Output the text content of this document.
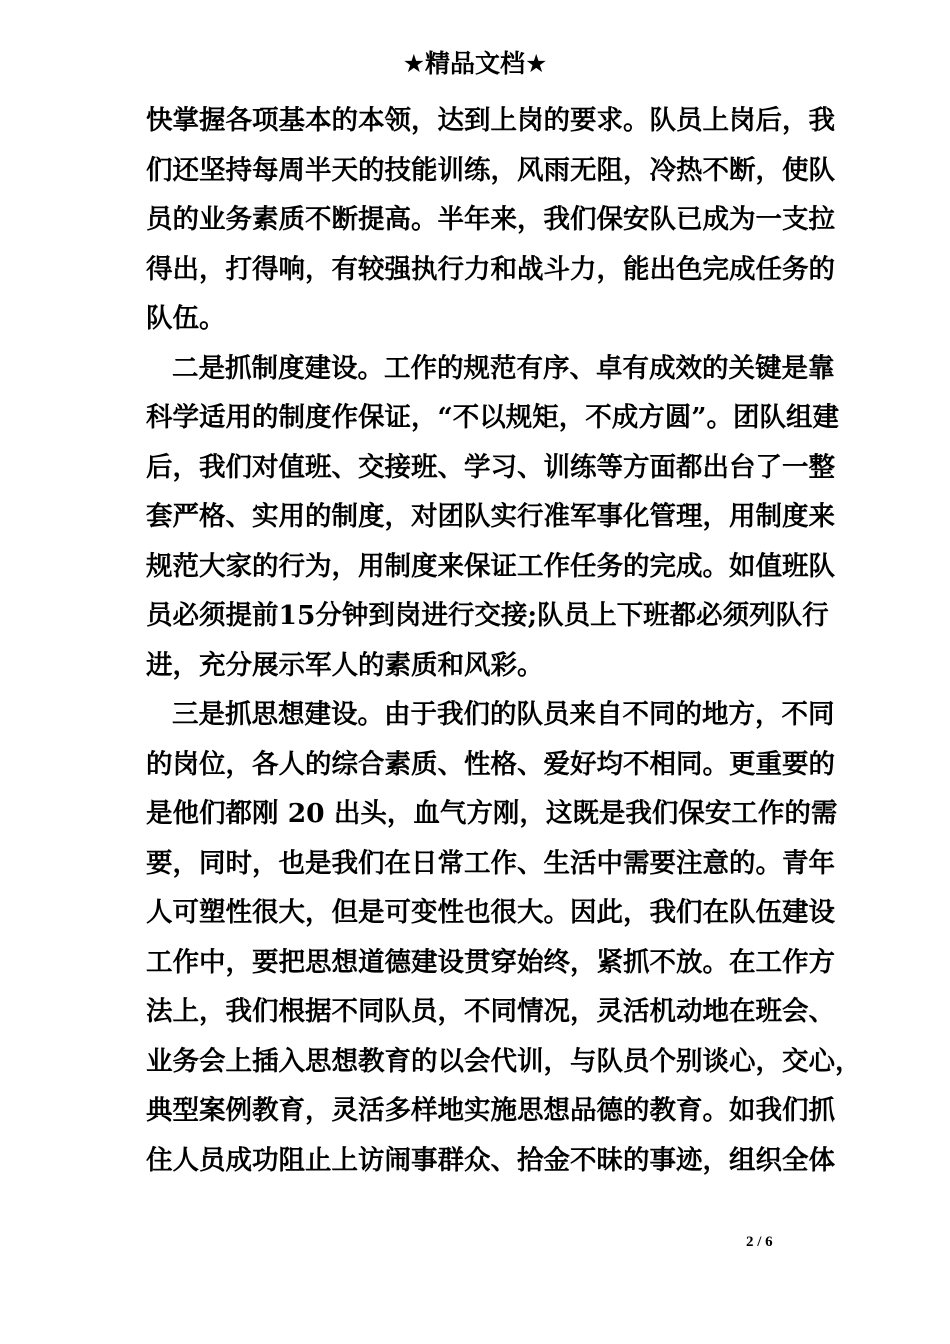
★精品文档★
快掌握各项基本的本领，达到上岗的要求。队员上岗后，我
们还坚持每周半天的技能训练，风雨无阻，冷热不断，使队
员的业务素质不断提高。半年来，我们保安队已成为一支拉
得出，打得响，有较强执行力和战斗力，能出色完成任务的
队伍。
二是抓制度建设。工作的规范有序、卓有成效的关键是靠
科学适用的制度作保证，“不以规矩，不成方圆”。团队组建
后，我们对值班、交接班、学习、训练等方面都出台了一整
套严格、实用的制度，对团队实行准军事化管理，用制度来
规范大家的行为，用制度来保证工作任务的完成。如值班队
员必须提前15分钟到岗进行交接;队员上下班都必须列队行
进，充分展示军人的素质和风彩。
三是抓思想建设。由于我们的队员来自不同的地方，不同
的岗位，各人的综合素质、性格、爱好均不相同。更重要的
是他们都刚 20 出头，血气方刚，这既是我们保安工作的需
要，同时，也是我们在日常工作、生活中需要注意的。青年
人可塑性很大，但是可变性也很大。因此，我们在队伍建设
工作中，要把思想道德建设贯穿始终，紧抓不放。在工作方
法上，我们根据不同队员，不同情况，灵活机动地在班会、
业务会上插入思想教育的以会代训，与队员个别谈心，交心，
典型案例教育，灵活多样地实施思想品德的教育。如我们抓
住人员成功阻止上访闹事群众、拾金不昧的事迹，组织全体
2 / 6
